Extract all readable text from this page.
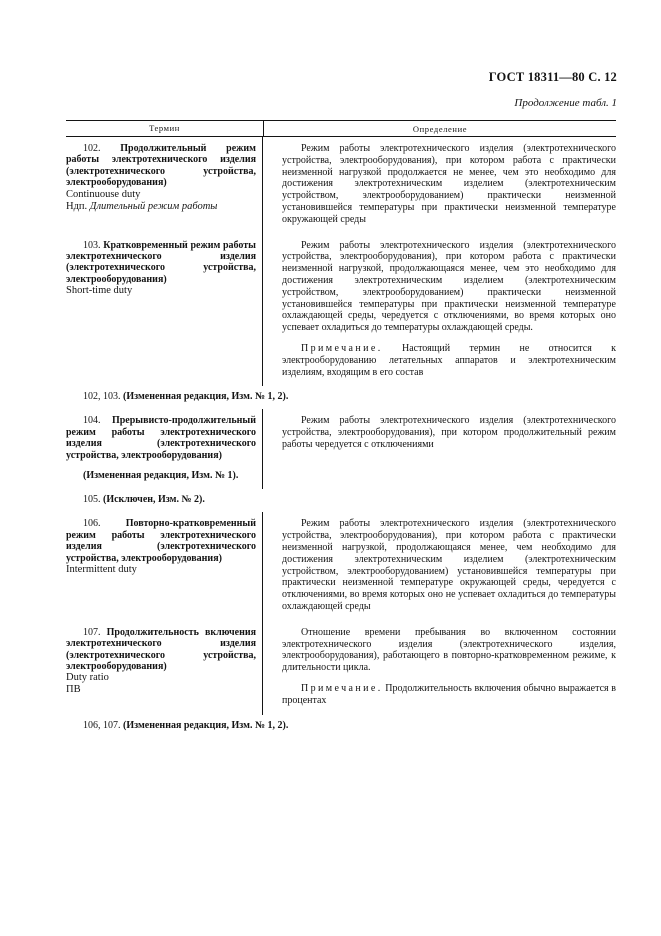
ГОСТ 18311—80 С. 12
Продолжение табл. 1
Термин	Определение
102. Продолжительный режим работы электротехнического изделия (электротехнического устройства, электрооборудования)
Continuouse duty
Ндп. Длительный режим работы

Режим работы электротехнического изделия (электротехнического устройства, электрооборудования), при котором работа с практически неизменной нагрузкой продолжается не менее, чем это необходимо для достижения электротехническим изделием (электротехническим устройством, электрооборудованием) практически неизменной установившейся температуры при практически неизменной температуре окружающей среды

103. Кратковременный режим работы электротехнического изделия (электротехнического устройства, электрооборудования)
Short-time duty

Режим работы электротехнического изделия (электротехнического устройства, электрооборудования), при котором работа с практически неизменной нагрузкой, продолжающаяся менее, чем это необходимо для достижения электротехническим изделием (электротехническим устройством, электрооборудованием) практически неизменной установившейся температуры при практически неизменной температуре охлаждающей среды, чередуется с отключениями, во время которых оно успевает охладиться до температуры охлаждающей среды.

Примечание. Настоящий термин не относится к электрооборудованию летательных аппаратов и электротехническим изделиям, входящим в его состав

102, 103. (Измененная редакция, Изм. № 1, 2).
104. Прерывисто-продолжительный режим работы электротехнического изделия (электротехнического устройства, электрооборудования)
(Измененная редакция, Изм. № 1).

Режим работы электротехнического изделия (электротехнического устройства, электрооборудования), при котором продолжительный режим работы чередуется с отключениями

105. (Исключен, Изм. № 2).
106.	Повторно-кратковременный режим работы электротехнического изделия (электротехнического устройства, электрооборудования)
Intermittent duty

Режим работы электротехнического изделия (электротехнического устройства, электрооборудования), при котором работа с практически неизменной нагрузкой, продолжающаяся менее, чем необходимо для достижения электротехническим изделием (электротехническим устройством, электрооборудованием) установившейся температуры при практически неизменной температуре окружающей среды, чередуется с отключениями, во время которых оно не успевает охладиться до температуры охлаждающей среды

107. Продолжительность включения электротехнического изделия (электротехнического устройства, электрооборудования)
Duty ratio
ПВ

Отношение времени пребывания во включенном состоянии электротехнического изделия (электротехнического изделия, электрооборудования), работающего в повторно-кратковременном режиме, к длительности цикла.

Примечание. Продолжительность включения обычно выражается в процентах

106, 107. (Измененная редакция, Изм. № 1, 2).
